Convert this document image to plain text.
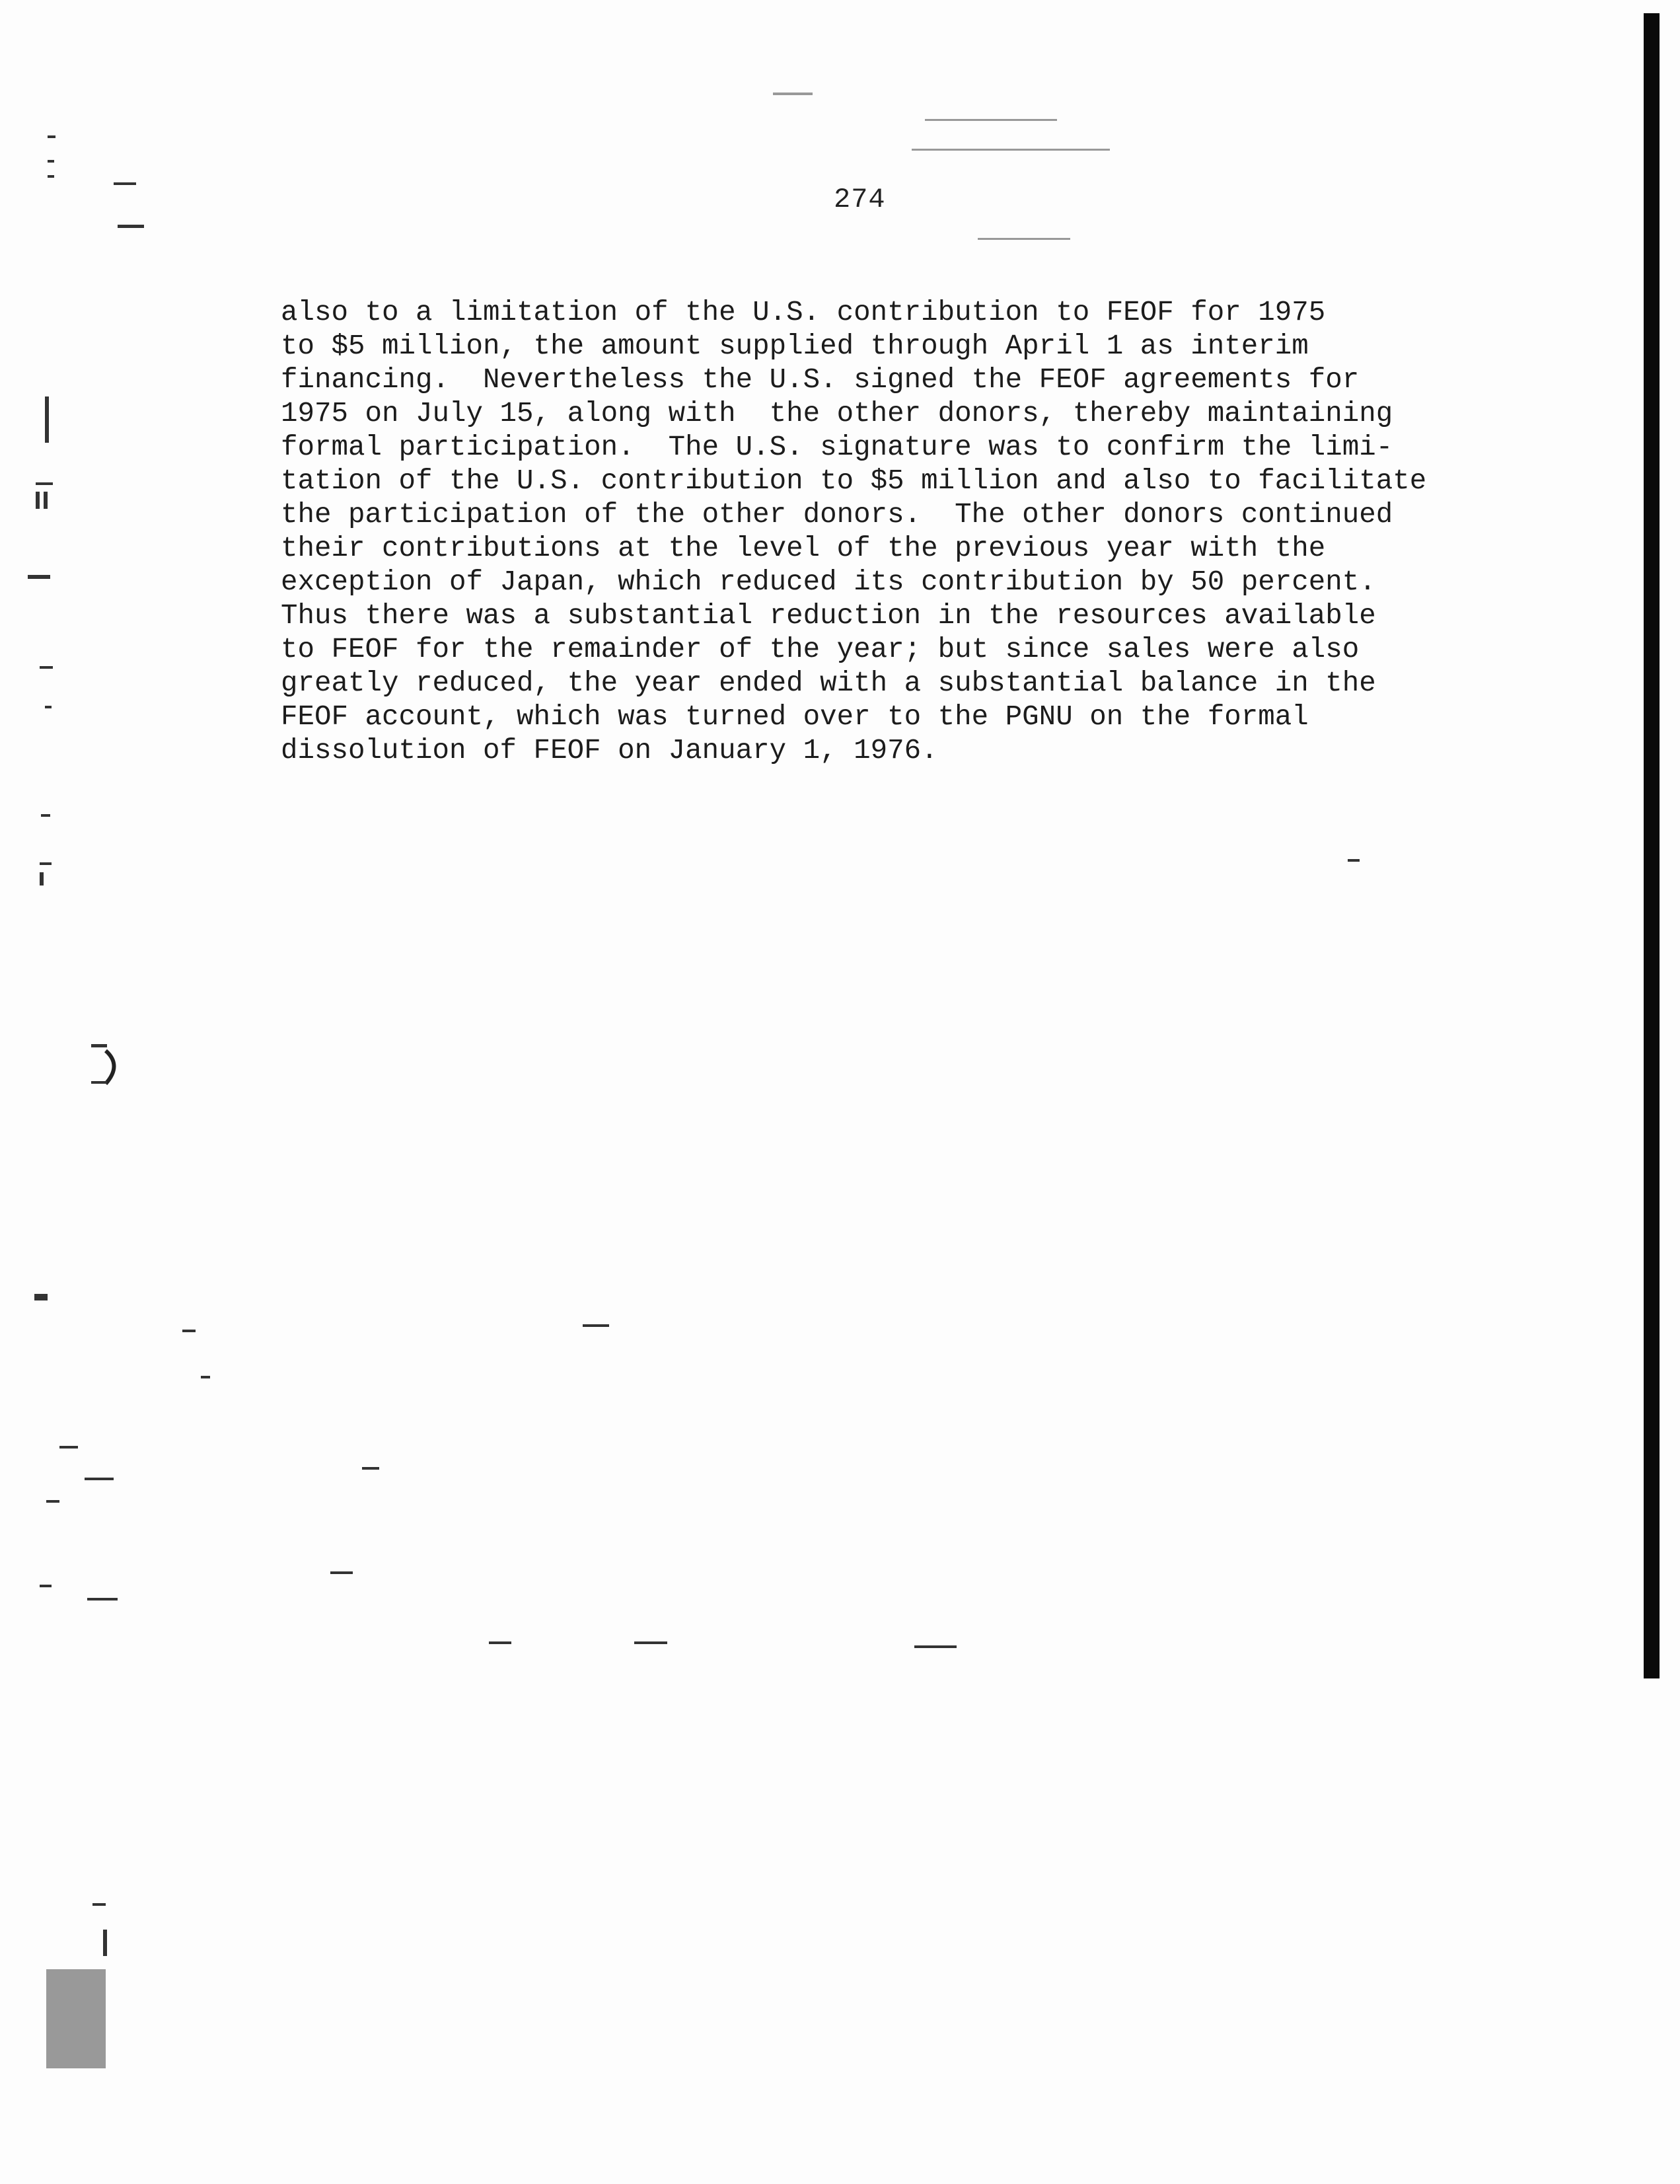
274
also to a limitation of the U.S. contribution to FEOF for 1975
to $5 million, the amount supplied through April 1 as interim
financing.  Nevertheless the U.S. signed the FEOF agreements for
1975 on July 15, along with  the other donors, thereby maintaining
formal participation.  The U.S. signature was to confirm the limi-
tation of the U.S. contribution to $5 million and also to facilitate
the participation of the other donors.  The other donors continued
their contributions at the level of the previous year with the
exception of Japan, which reduced its contribution by 50 percent.
Thus there was a substantial reduction in the resources available
to FEOF for the remainder of the year; but since sales were also
greatly reduced, the year ended with a substantial balance in the
FEOF account, which was turned over to the PGNU on the formal
dissolution of FEOF on January 1, 1976.
